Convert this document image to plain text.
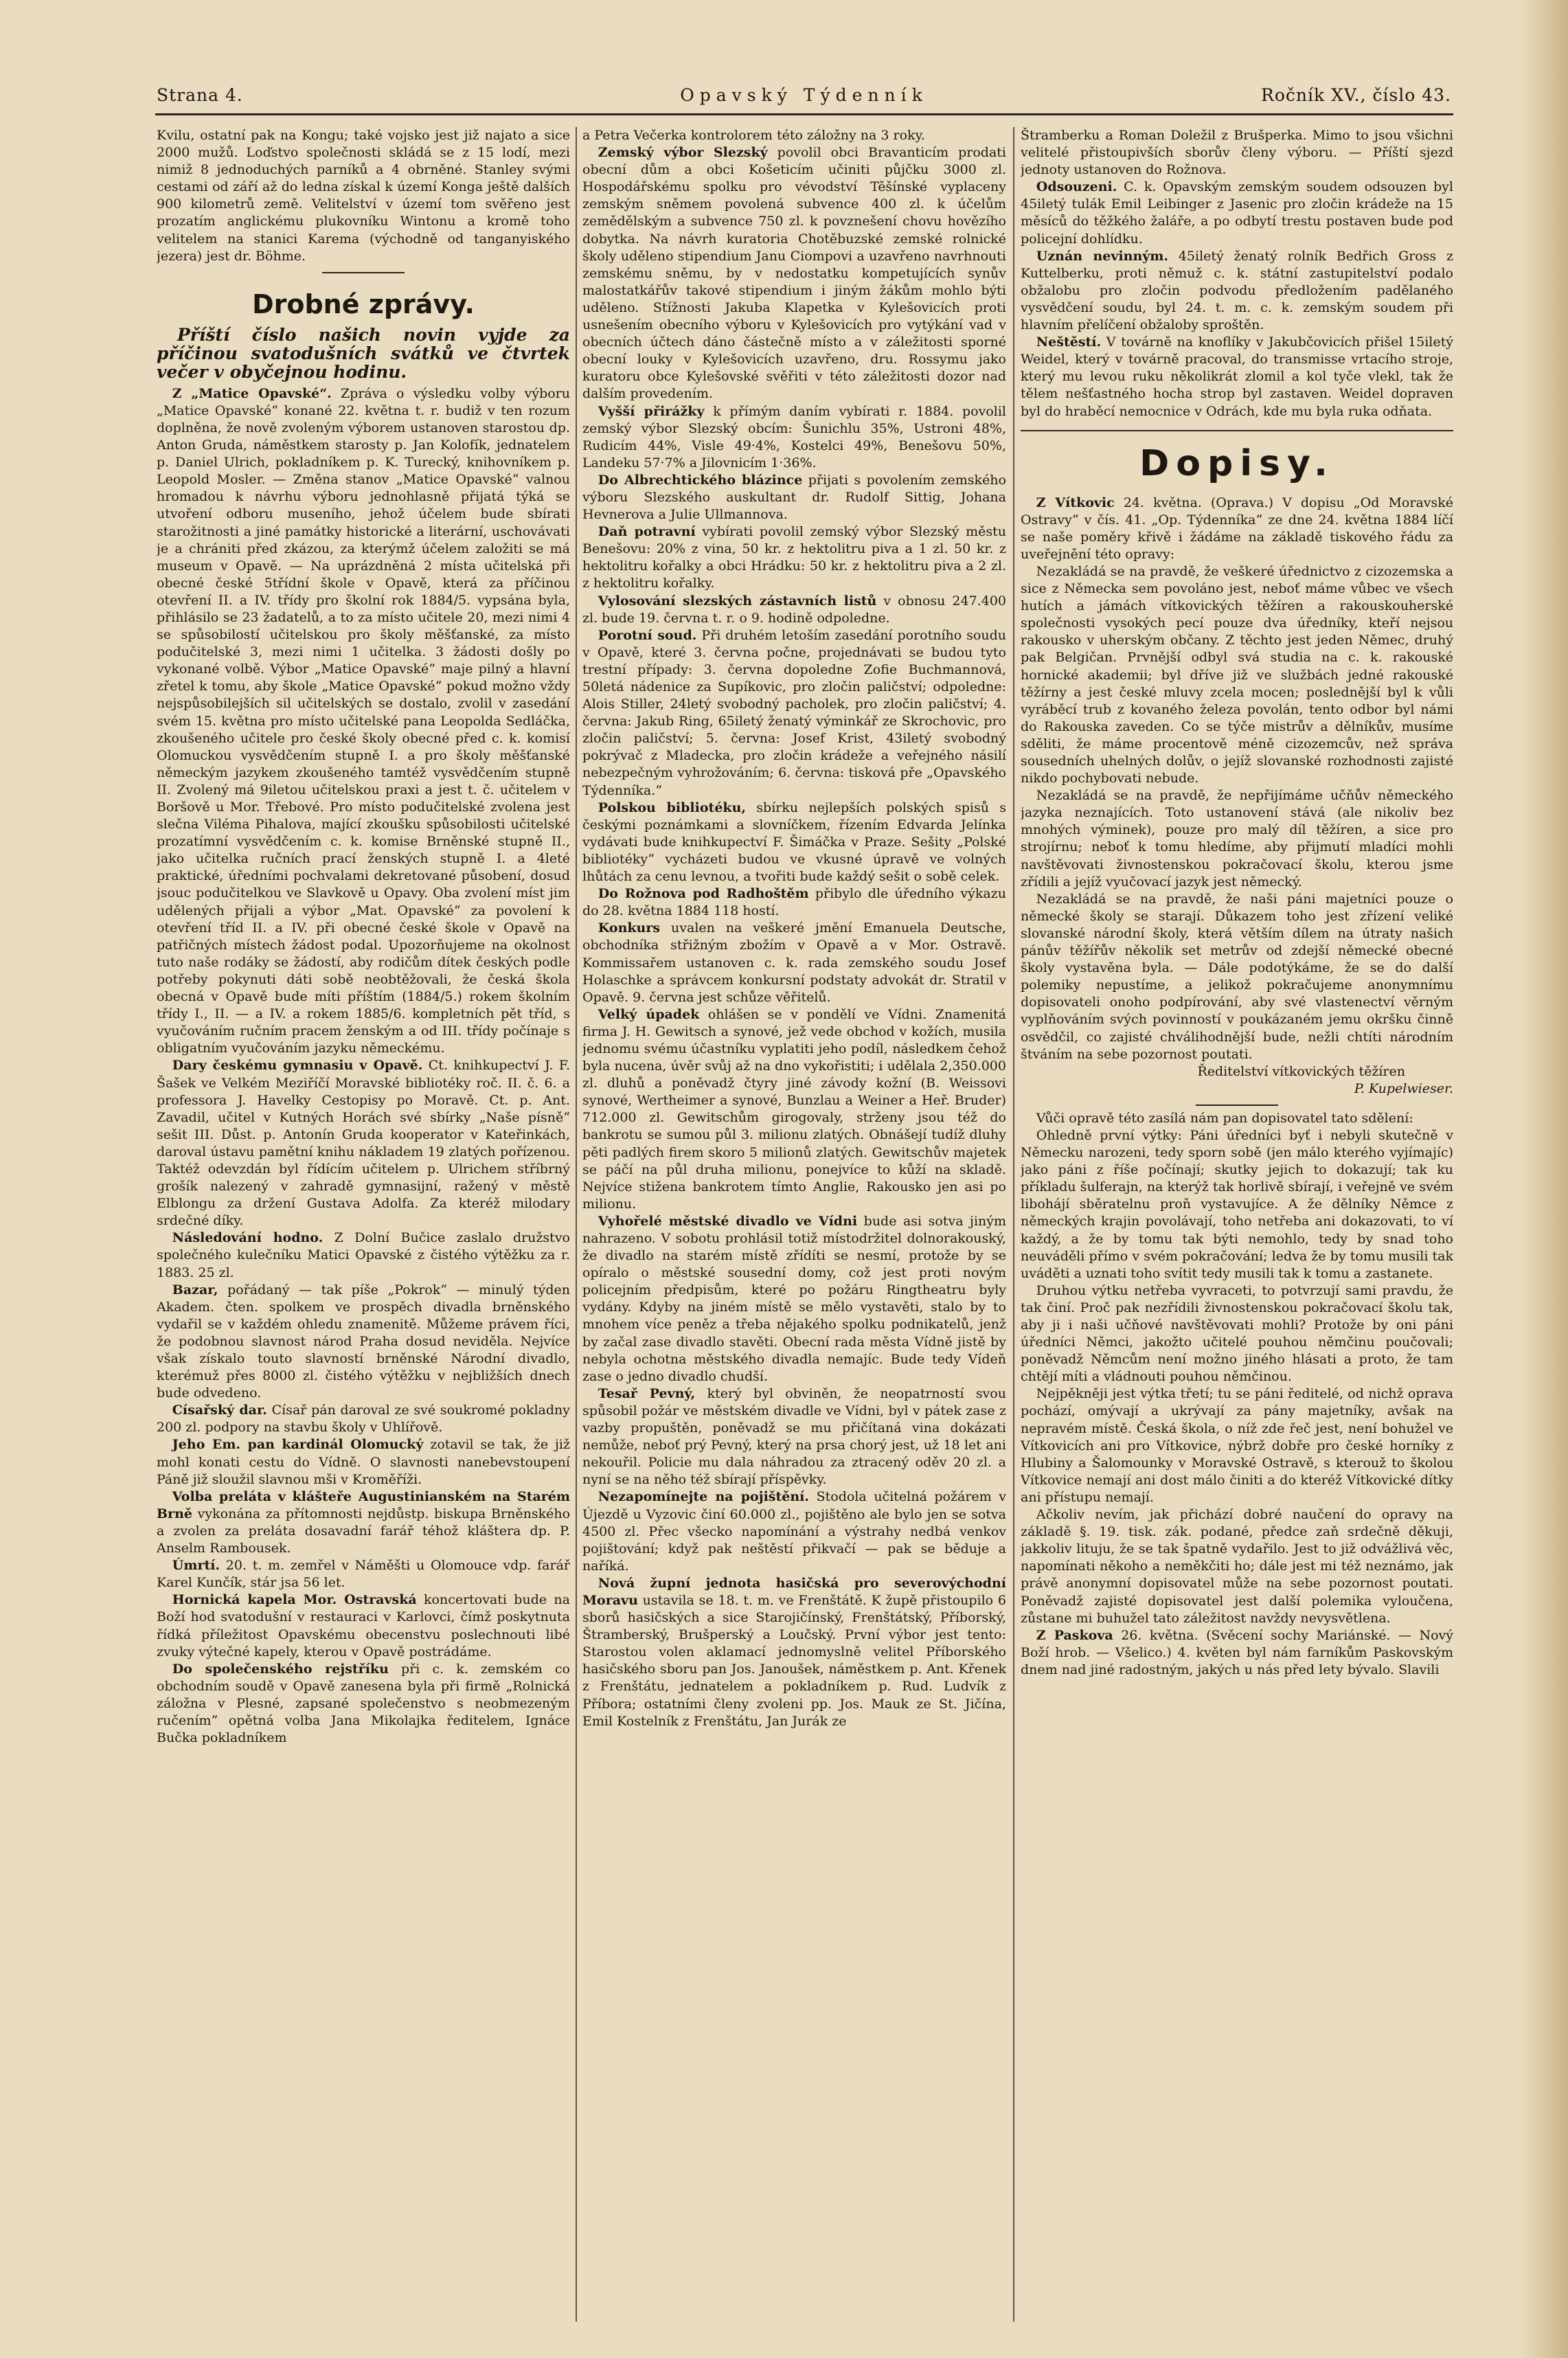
Strana 4.	Opavský Týdenník	Ročník XV., číslo 43.

Kvilu, ostatní pak na Kongu; také vojsko jest již najato a sice 2000 mužů. Loďstvo společnosti skládá se z 15 lodí, mezi nimiž 8 jednoduchých parníků a 4 obrněné. Stanley svými cestami od září až do ledna získal k území Konga ještě dalších 900 kilometrů země. Velitelství v území tom svěřeno jest prozatím anglickému plukovníku Wintonu a kromě toho velitelem na stanici Karema (východně od tanganyiského jezera) jest dr. Böhme.

Drobné zprávy.
Příští číslo našich novin vyjde za příčinou svatodušních svátků ve čtvrtek večer v obyčejnou hodinu.

Z „Matice Opavské“. Zpráva o výsledku volby výboru „Matice Opavské“ konané 22. května t. r. budiž v ten rozum doplněna, že nově zvoleným výborem ustanoven starostou dp. Anton Gruda, náměstkem starosty p. Jan Kolofík, jednatelem p. Daniel Ulrich, pokladníkem p. K. Turecký, knihovníkem p. Leopold Mosler. — Změna stanov „Matice Opavské“ valnou hromadou k návrhu výboru jednohlasně přijatá týká se utvoření odboru museního, jehož účelem bude sbírati starožitnosti a jiné památky historické a literární, uschovávati je a chrániti před zkázou, za kterýmž účelem založiti se má museum v Opavě. — Na uprázdněná 2 místa učitelská při obecné české 5třídní škole v Opavě, která za příčinou otevření II. a IV. třídy pro školní rok 1884/5. vypsána byla, přihlásilo se 23 žadatelů, a to za místo učitele 20, mezi nimi 4 se spůsobilostí učitelskou pro školy měšťanské, za místo podučitelské 3, mezi nimi 1 učitelka. 3 žádosti došly po vykonané volbě. Výbor „Matice Opavské“ maje pilný a hlavní zřetel k tomu, aby škole „Matice Opavské“ pokud možno vždy nejspůsobilejších sil učitelských se dostalo, zvolil v zasedání svém 15. května pro místo učitelské pana Leopolda Sedláčka, zkoušeného učitele pro české školy obecné před c. k. komisí Olomuckou vysvědčením stupně I. a pro školy měšťanské německým jazykem zkoušeného tamtéž vysvědčením stupně II. Zvolený má 9iletou učitelskou praxi a jest t. č. učitelem v Boršově u Mor. Třebové. Pro místo podučitelské zvolena jest slečna Viléma Pihalova, mající zkoušku spůsobilosti učitelské prozatímní vysvědčením c. k. komise Brněnské stupně II., jako učitelka ručních prací ženských stupně I. a 4leté praktické, úředními pochvalami dekretované působení, dosud jsouc podučitelkou ve Slavkově u Opavy. Oba zvolení míst jim udělených přijali a výbor „Mat. Opavské“ za povolení k otevření tříd II. a IV. při obecné české škole v Opavě na patřičných místech žádost podal. Upozorňujeme na okolnost tuto naše rodáky se žádostí, aby rodičům dítek českých podle potřeby pokynuti dáti sobě neobtěžovali, že česká škola obecná v Opavě bude míti příštím (1884/5.) rokem školním třídy I., II. — a IV. a rokem 1885/6. kompletních pět tříd, s vyučováním ručním pracem ženským a od III. třídy počínaje s obligatním vyučováním jazyku německému.

Dary českému gymnasiu v Opavě. Ct. knihkupectví J. F. Šašek ve Velkém Meziříčí Moravské bibliotéky roč. II. č. 6. a professora J. Havelky Cestopisy po Moravě. Ct. p. Ant. Zavadil, učitel v Kutných Horách své sbírky „Naše písně“ sešit III. Důst. p. Antonín Gruda kooperator v Kateřinkách, daroval ústavu pamětní knihu nákladem 19 zlatých pořízenou. Taktéž odevzdán byl řídícím učitelem p. Ulrichem stříbrný grošík nalezený v zahradě gymnasijní, ražený v městě Elblongu za držení Gustava Adolfa. Za kteréž milodary srdečné díky.

Následování hodno. Z Dolní Bučice zaslalo družstvo společného kulečníku Matici Opavské z čistého výtěžku za r. 1883. 25 zl.

Bazar, pořádaný — tak píše „Pokrok“ — minulý týden Akadem. čten. spolkem ve prospěch divadla brněnského vydařil se v každém ohledu znamenitě. Můžeme právem říci, že podobnou slavnost národ Praha dosud neviděla. Nejvíce však získalo touto slavností brněnské Národní divadlo, kterémuž přes 8000 zl. čistého výtěžku v nejbližších dnech bude odvedeno.

Císařský dar. Císař pán daroval ze své soukromé pokladny 200 zl. podpory na stavbu školy v Uhlířově.

Jeho Em. pan kardinál Olomucký zotavil se tak, že již mohl konati cestu do Vídně. O slavnosti nanebevstoupení Páně již sloužil slavnou mši v Kroměříži.

Volba preláta v klášteře Augustinianském na Starém Brně vykonána za přítomnosti nejdůstp. biskupa Brněnského a zvolen za preláta dosavadní farář téhož kláštera dp. P. Anselm Rambousek.

Úmrtí. 20. t. m. zemřel v Náměšti u Olomouce vdp. farář Karel Kunčík, stár jsa 56 let.

Hornická kapela Mor. Ostravská koncertovati bude na Boží hod svatodušní v restauraci v Karlovci, čímž poskytnuta řídká příležitost Opavskému obecenstvu poslechnouti libé zvuky výtečné kapely, kterou v Opavě postrádáme.

Do společenského rejstříku při c. k. zemském co obchodním soudě v Opavě zanesena byla při firmě „Rolnická záložna v Plesné, zapsané společenstvo s neobmezeným ručením“ opětná volba Jana Mikolajka ředitelem, Ignáce Bučka pokladníkem

a Petra Večerka kontrolorem této záložny na 3 roky.

Zemský výbor Slezský povolil obci Bravanticím prodati obecní dům a obci Košeticím učiniti půjčku 3000 zl. Hospodářskému spolku pro vévodství Těšínské vyplaceny zemským sněmem povolená subvence 400 zl. k účelům zemědělským a subvence 750 zl. k povznešení chovu hovězího dobytka. Na návrh kuratoria Chotěbuzské zemské rolnické školy uděleno stipendium Janu Ciompovi a uzavřeno navrhnouti zemskému sněmu, by v nedostatku kompetujících synův malostatkářův takové stipendium i jiným žákům mohlo býti uděleno. Stížnosti Jakuba Klapetka v Kylešovicích proti usnešením obecního výboru v Kylešovicích pro vytýkání vad v obecních účtech dáno částečně místo a v záležitosti sporné obecní louky v Kylešovicích uzavřeno, dru. Rossymu jako kuratoru obce Kylešovské svěřiti v této záležitosti dozor nad dalším provedením.

Vyšší přirážky k přímým daním vybírati r. 1884. povolil zemský výbor Slezský obcím: Šunichlu 35%, Ustroni 48%, Rudicím 44%, Visle 49·4%, Kostelci 49%, Benešovu 50%, Landeku 57·7% a Jilovnicím 1·36%.

Do Albrechtického blázince přijati s povolením zemského výboru Slezského auskultant dr. Rudolf Sittig, Johana Hevnerova a Julie Ullmannova.

Daň potravní vybírati povolil zemský výbor Slezský městu Benešovu: 20% z vina, 50 kr. z hektolitru piva a 1 zl. 50 kr. z hektolitru kořalky a obci Hrádku: 50 kr. z hektolitru piva a 2 zl. z hektolitru kořalky.

Vylosování slezských zástavních listů v obnosu 247.400 zl. bude 19. června t. r. o 9. hodině odpoledne.

Porotní soud. Při druhém letoším zasedání porotního soudu v Opavě, které 3. června počne, projednávati se budou tyto trestní případy: 3. června dopoledne Zofie Buchmannová, 50letá nádenice za Supíkovic, pro zločin paličství; odpoledne: Alois Stiller, 24letý svobodný pacholek, pro zločin paličství; 4. června: Jakub Ring, 65iletý ženatý výminkář ze Skrochovic, pro zločin paličství; 5. června: Josef Krist, 43iletý svobodný pokrývač z Mladecka, pro zločin krádeže a veřejného násilí nebezpečným vyhrožováním; 6. června: tisková pře „Opavského Týdenníka.“

Polskou bibliotéku, sbírku nejlepších polských spisů s českými poznámkami a slovníčkem, řízením Edvarda Jelínka vydávati bude knihkupectví F. Šimáčka v Praze. Sešity „Polské bibliotéky“ vycházeti budou ve vkusné úpravě ve volných lhůtách za cenu levnou, a tvořiti bude každý sešit o sobě celek.

Do Rožnova pod Radhoštěm přibylo dle úředního výkazu do 28. května 1884 118 hostí.

Konkurs uvalen na veškeré jmění Emanuela Deutsche, obchodníka střižným zbožím v Opavě a v Mor. Ostravě. Kommissařem ustanoven c. k. rada zemského soudu Josef Holaschke a správcem konkursní podstaty advokát dr. Stratil v Opavě. 9. června jest schůze věřitelů.

Velký úpadek ohlášen se v pondělí ve Vídni. Znamenitá firma J. H. Gewitsch a synové, jež vede obchod v kožích, musila jednomu svému účastníku vyplatiti jeho podíl, následkem čehož byla nucena, úvěr svůj až na dno vykořistiti; i udělala 2,350.000 zl. dluhů a poněvadž čtyry jiné závody kožní (B. Weissovi synové, Wertheimer a synové, Bunzlau a Weiner a Heř. Bruder) 712.000 zl. Gewitschům girogovaly, strženy jsou též do bankrotu se sumou půl 3. milionu zlatých. Obnášejí tudíž dluhy pěti padlých firem skoro 5 milionů zlatých. Gewitschův majetek se páčí na půl druha milionu, ponejvíce to kůží na skladě. Nejvíce stižena bankrotem tímto Anglie, Rakousko jen asi po milionu.

Vyhořelé městské divadlo ve Vídni bude asi sotva jiným nahrazeno. V sobotu prohlásil totiž místodržitel dolnorakouský, že divadlo na starém místě zřídíti se nesmí, protože by se opíralo o městské sousední domy, což jest proti novým policejním předpisům, které po požáru Ringtheatru byly vydány. Kdyby na jiném místě se mělo vystavěti, stalo by to mnohem více peněz a třeba nějakého spolku podnikatelů, jenž by začal zase divadlo stavěti. Obecní rada města Vídně jistě by nebyla ochotna městského divadla nemajíc. Bude tedy Vídeň zase o jedno divadlo chudší.

Tesař Pevný, který byl obviněn, že neopatrností svou spůsobil požár ve městském divadle ve Vídni, byl v pátek zase z vazby propuštěn, poněvadž se mu přičítaná vina dokázati nemůže, neboť prý Pevný, který na prsa chorý jest, už 18 let ani nekouřil. Policie mu dala náhradou za ztracený oděv 20 zl. a nyní se na něho též sbírají příspěvky.

Nezapomínejte na pojištění. Stodola učitelná požárem v Újezdě u Vyzovic činí 60.000 zl., pojištěno ale bylo jen se sotva 4500 zl. Přec všecko napomínání a výstrahy nedbá venkov pojištování; když pak neštěstí přikvačí — pak se běduje a naříká.

Nová župní jednota hasičská pro severovýchodní Moravu ustavila se 18. t. m. ve Frenštátě. K župě přistoupilo 6 sborů hasičských a sice Starojičínský, Frenštátský, Příborský, Štramberský, Brušperský a Loučský. První výbor jest tento: Starostou volen aklamací jednomyslně velitel Příborského hasičského sboru pan Jos. Janoušek, náměstkem p. Ant. Křenek z Frenštátu, jednatelem a pokladníkem p. Rud. Ludvík z Příbora; ostatními členy zvoleni pp. Jos. Mauk ze St. Jičína, Emil Kostelník z Frenštátu, Jan Jurák ze

Štramberku a Roman Doležil z Brušperka. Mimo to jsou všichni velitelé přistoupivších sborův členy výboru. — Příští sjezd jednoty ustanoven do Rožnova.

Odsouzeni. C. k. Opavským zemským soudem odsouzen byl 45iletý tulák Emil Leibinger z Jasenic pro zločin krádeže na 15 měsíců do těžkého žaláře, a po odbytí trestu postaven bude pod policejní dohlídku.

Uznán nevinným. 45iletý ženatý rolník Bedřich Gross z Kuttelberku, proti němuž c. k. státní zastupitelství podalo obžalobu pro zločin podvodu předložením padělaného vysvědčení soudu, byl 24. t. m. c. k. zemským soudem při hlavním přelíčení obžaloby sproštěn.

Neštěstí. V továrně na knoflíky v Jakubčovicích přišel 15iletý Weidel, který v továrně pracoval, do transmisse vrtacího stroje, který mu levou ruku několikrát zlomil a kol tyče vlekl, tak že tělem nešťastného hocha strop byl zastaven. Weidel dopraven byl do hraběcí nemocnice v Odrách, kde mu byla ruka odňata.

Dopisy.

Z Vítkovic 24. května. (Oprava.) V dopisu „Od Moravské Ostravy“ v čís. 41. „Op. Týdenníka“ ze dne 24. května 1884 líčí se naše poměry křivě i žádáme na základě tiskového řádu za uveřejnění této opravy:

Nezakládá se na pravdě, že veškeré úřednictvo z cizozemska a sice z Německa sem povoláno jest, neboť máme vůbec ve všech hutích a jámách vítkovických těžíren a rakouskouherské společnosti vysokých pecí pouze dva úředníky, kteří nejsou rakousko v uherským občany. Z těchto jest jeden Němec, druhý pak Belgičan. Prvnější odbyl svá studia na c. k. rakouské hornické akademii; byl dříve již ve službách jedné rakouské těžírny a jest české mluvy zcela mocen; poslednější byl k vůli vyráběcí trub z kovaného železa povolán, tento odbor byl námi do Rakouska zaveden. Co se týče mistrův a dělníkův, musíme sděliti, že máme procentově méně cizozemcův, než správa sousedních uhelných dolův, o jejíž slovanské rozhodnosti zajisté nikdo pochybovati nebude.

Nezakládá se na pravdě, že nepřijímáme učňův německého jazyka neznajících. Toto ustanovení stává (ale nikoliv bez mnohých výminek), pouze pro malý díl těžíren, a sice pro strojírnu; neboť k tomu hledíme, aby přijmutí mladíci mohli navštěvovati živnostenskou pokračovací školu, kterou jsme zřídili a jejíž vyučovací jazyk jest německý.

Nezakládá se na pravdě, že naši páni majetníci pouze o německé školy se starají. Důkazem toho jest zřízení veliké slovanské národní školy, která větším dílem na útraty našich pánův těžířův několik set metrův od zdejší německé obecné školy vystavěna byla. — Dále podotýkáme, že se do další polemiky nepustíme, a jelikož pokračujeme anonymnímu dopisovateli onoho podpírování, aby své vlastenectví věrným vyplňováním svých povinností v poukázaném jemu okršku činně osvědčil, co zajisté chválihodnější bude, nežli chtíti národním štváním na sebe pozornost poutati.

Ředitelství vítkovických těžíren

P. Kupelwieser.

Vůči opravě této zasílá nám pan dopisovatel tato sdělení:

Ohledně první výtky: Páni úředníci byť i nebyli skutečně v Německu narozeni, tedy sporn sobě (jen málo kterého vyjímajíc) jako páni z říše počínají; skutky jejich to dokazují; tak ku příkladu šulferajn, na kterýž tak horlivě sbírají, i veřejně ve svém libohájí sběratelnu proň vystavujíce. A že dělníky Němce z německých krajin povolávají, toho netřeba ani dokazovati, to ví každý, a že by tomu tak býti nemohlo, tedy by snad toho neuváděli přímo v svém pokračování; ledva že by tomu musili tak uváděti a uznati toho svítit tedy musili tak k tomu a zastanete.

Druhou výtku netřeba vyvraceti, to potvrzují sami pravdu, že tak činí. Proč pak nezřídili živnostenskou pokračovací školu tak, aby ji i naši učňové navštěvovati mohli? Protože by oni páni úředníci Němci, jakožto učitelé pouhou němčinu poučovali; poněvadž Němcům není možno jiného hlásati a proto, že tam chtějí míti a vládnouti pouhou němčinou.

Nejpěkněji jest výtka třetí; tu se páni ředitelé, od nichž oprava pochází, omývají a ukrývají za pány majetníky, avšak na nepravém místě. Česká škola, o níž zde řeč jest, není bohužel ve Vítkovicích ani pro Vítkovice, nýbrž dobře pro české horníky z Hlubiny a Šalomounky v Moravské Ostravě, s kterouž to školou Vítkovice nemají ani dost málo činiti a do kteréž Vítkovické dítky ani přístupu nemají.

Ačkoliv nevím, jak přichází dobré naučení do opravy na základě §. 19. tisk. zák. podané, předce zaň srdečně děkuji, jakkoliv lituju, že se tak špatně vydařilo. Jest to již odvážlivá věc, napomínati někoho a neměkčiti ho; dále jest mi též neznámo, jak právě anonymní dopisovatel může na sebe pozornost poutati. Poněvadž zajisté dopisovatel jest další polemika vyloučena, zůstane mi buhužel tato záležitost navždy nevysvětlena.

Z Paskova 26. května. (Svěcení sochy Mariánské. — Nový Boží hrob. — Všelico.) 4. květen byl nám farníkům Paskovským dnem nad jiné radostným, jakých u nás před lety bývalo. Slavili
